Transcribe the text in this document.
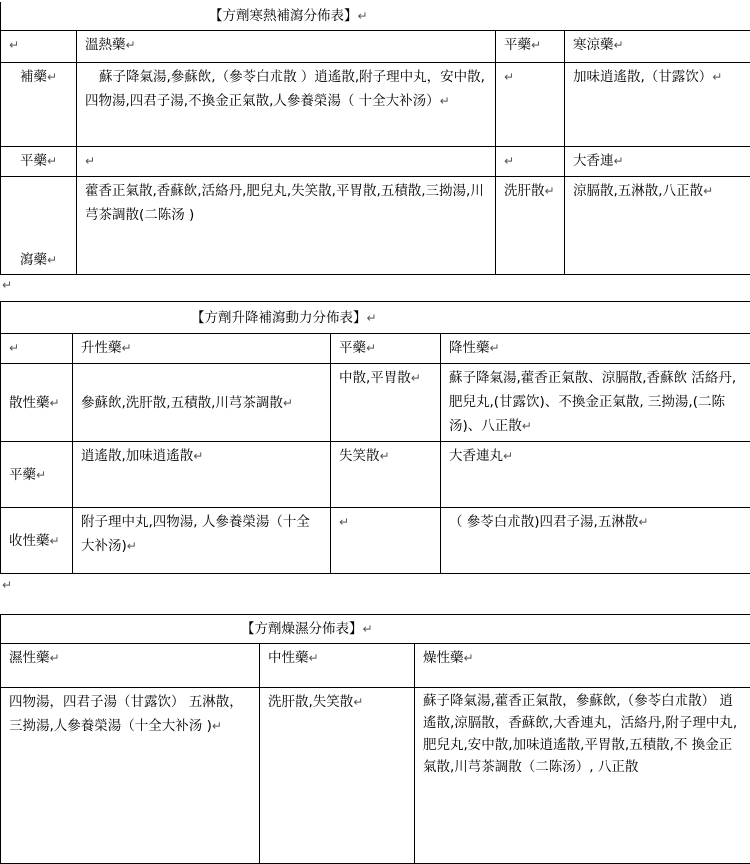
【方劑寒熱補瀉分佈表】↵			
↵	溫熱藥↵	平藥↵	寒涼藥↵
補藥↵	蘇子降氣湯,參蘇飲,（參苓白朮散 ）逍遙散,附子理中丸，安中散,四物湯,四君子湯,不換金正氣散,人參養榮湯（ 十全大补汤）↵	↵	加味逍遙散,（甘露饮）↵
平藥↵	↵	↵	大香連↵
瀉藥↵	藿香正氣散,香蘇飲,活絡丹,肥兒丸,失笑散,平胃散,五積散,三拗湯,川芎茶調散(二陈汤 )	洗肝散↵	涼膈散,五淋散,八正散↵
↵
【方劑升降補瀉動力分佈表】↵			
↵	升性藥↵	平藥↵	降性藥↵
散性藥↵	參蘇飲,洗肝散,五積散,川芎茶調散↵	中散,平胃散↵	蘇子降氣湯,藿香正氣散、涼膈散,香蘇飲 活絡丹,肥兒丸,(甘露饮)、不換金正氣散, 三拗湯,(二陈汤)、八正散↵
平藥↵	逍遙散,加味逍遙散↵	失笑散↵	大香連丸↵
收性藥↵	附子理中丸,四物湯, 人參養榮湯（十全大补汤)↵	↵	（ 參苓白朮散)四君子湯,五淋散↵
↵
【方劑燥濕分佈表】↵		
濕性藥↵	中性藥↵	燥性藥↵
四物湯，四君子湯（甘露饮） 五淋散，三拗湯,人參養榮湯（十全大补汤 )↵	洗肝散,失笑散↵	蘇子降氣湯,藿香正氣散，參蘇飲,（參苓白朮散） 逍遙散,涼膈散，香蘇飲,大香連丸，活絡丹,附子理中丸,肥兒丸,安中散,加味逍遙散,平胃散,五積散,不 換金正氣散,川芎茶調散（二陈汤）, 八正散
